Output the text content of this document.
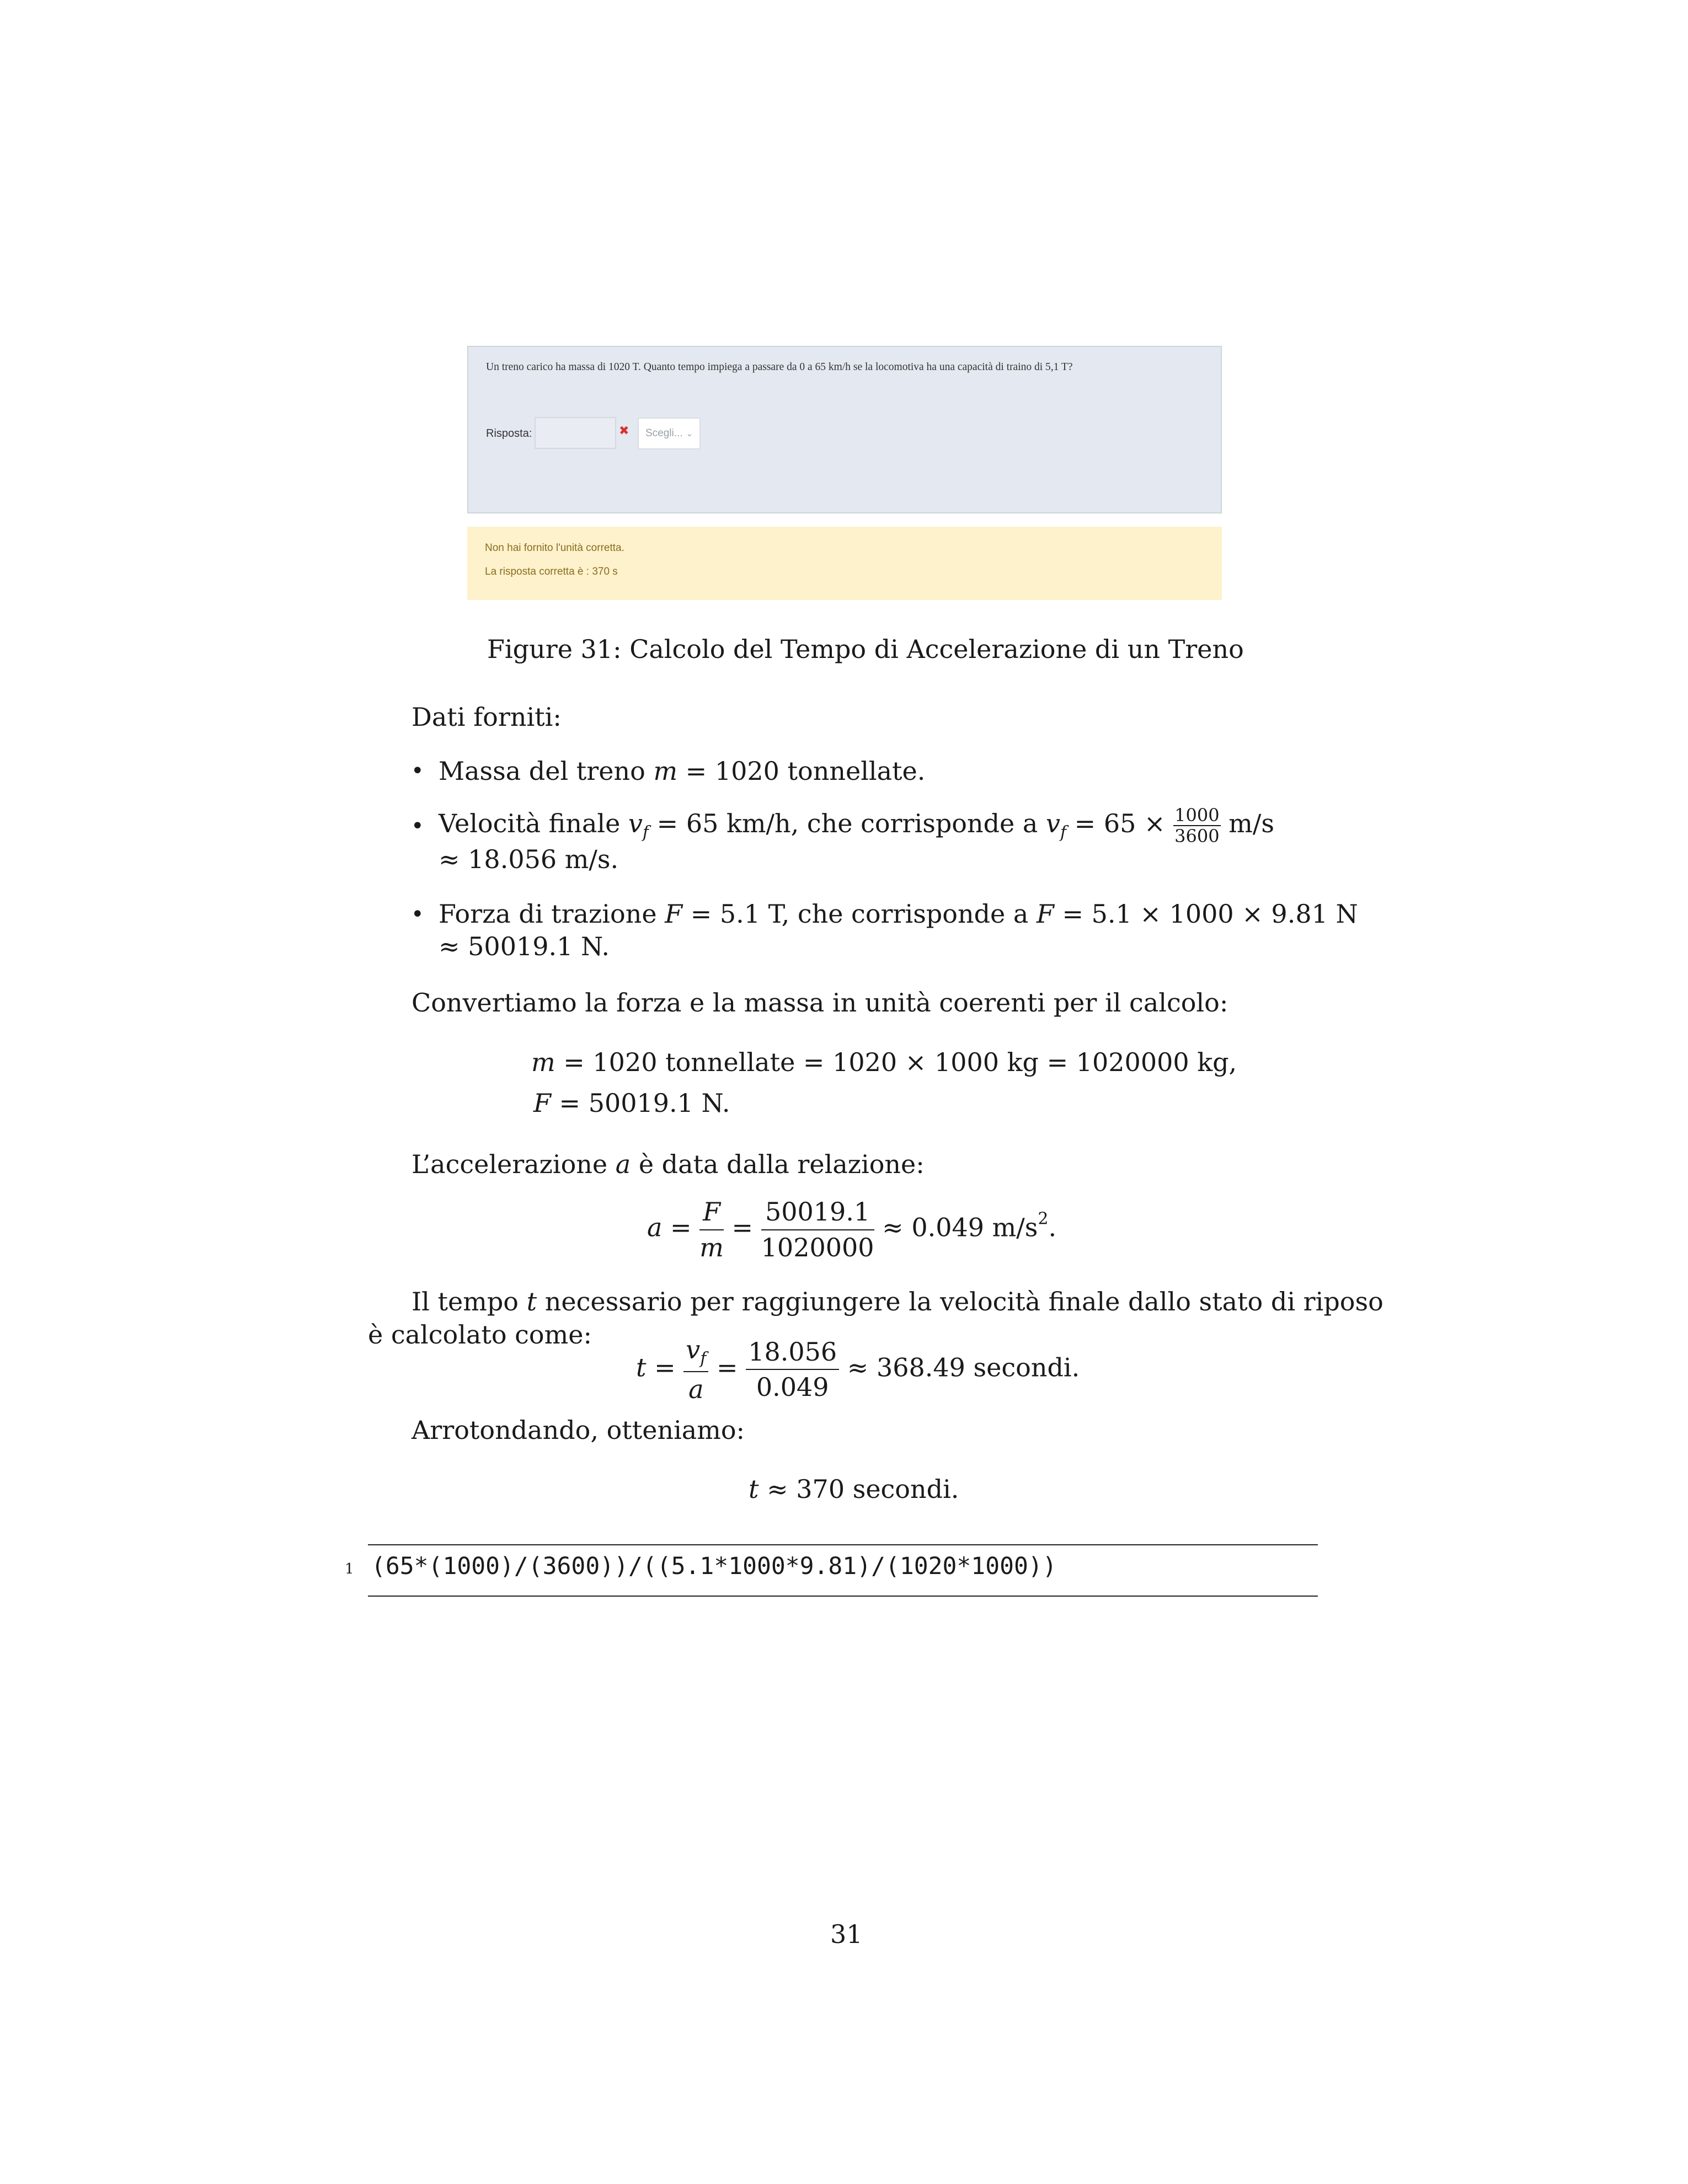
Un treno carico ha massa di 1020 T. Quanto tempo impiega a passare da 0 a 65 km/h se la locomotiva ha una capacità di traino di 5,1 T?
Risposta:	✖	Scegli... ⌄
Non hai fornito l'unità corretta.
La risposta corretta è : 370 s
Figure 31: Calcolo del Tempo di Accelerazione di un Treno
Dati forniti:
• Massa del treno m = 1020 tonnellate.
• Velocità finale $v_f = 65$ km/h, che corrisponde a $v_f = 65 \times \frac{1000}{3600} m/s$
≈ 18.056 m/s.
• Forza di trazione F = 5.1 T, che corrisponde a F = 5.1 × 1000 × 9.81 N
≈ 50019.1 N.
Convertiamo la forza e la massa in unità coerenti per il calcolo:
m = 1020 tonnellate = 1020 × 1000 kg = 1020000 kg,
F = 50019.1 N.
L’accelerazione a è data dalla relazione:
$a = \frac{F}{m} = \frac{50019.1}{1020000} \approx 0.049$ $m/s^2$.
Il tempo t necessario per raggiungere la velocità finale dallo stato di riposo
è calcolato come:
$t = \frac{v_f}{a} = \frac{18.056}{0.049} \approx 368.49$ secondi.
Arrotondando, otteniamo:
t ≈ 370 secondi.
1 (65*(1000)/(3600))/((5.1*1000*9.81)/(1020*1000))
31
